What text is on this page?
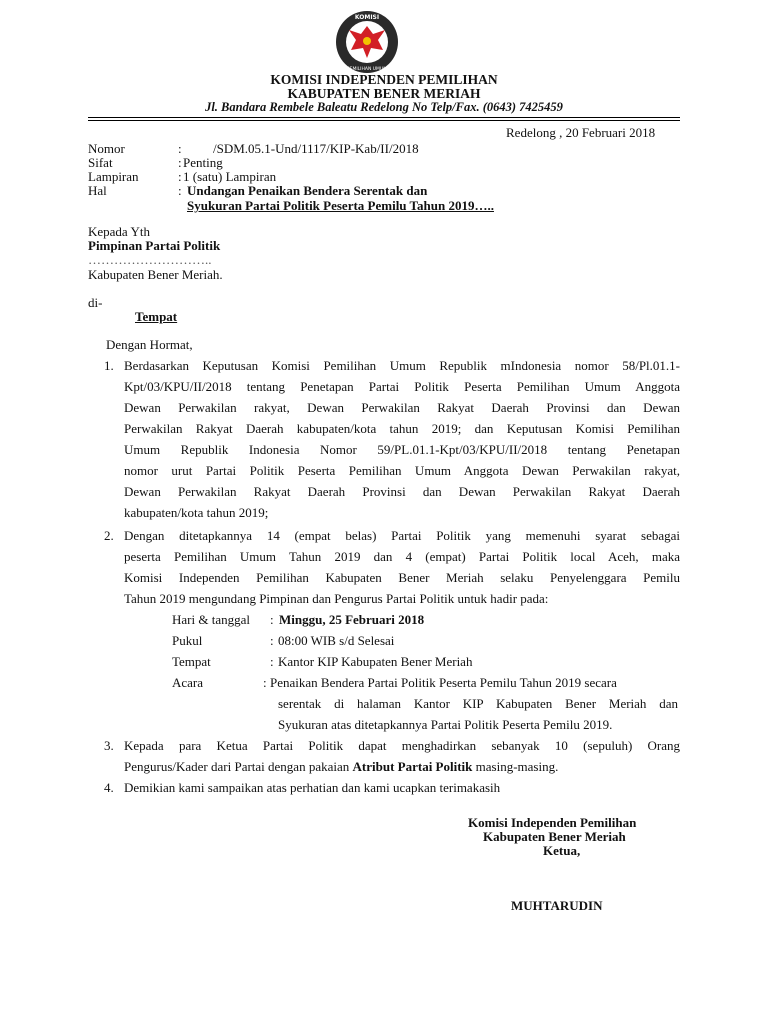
KOMISI
PEMILIHAN UMUM
KOMISI INDEPENDEN PEMILIHAN
KABUPATEN BENER MERIAH
Jl. Bandara Rembele Baleatu Redelong No Telp/Fax. (0643) 7425459
Redelong , 20 Februari 2018
Nomor	: /SDM.05.1-Und/1117/KIP-Kab/II/2018
Sifat	: Penting
Lampiran	: 1 (satu) Lampiran
Hal	: Undangan Penaikan Bendera Serentak dan
Syukuran Partai Politik Peserta Pemilu Tahun 2019…..
Kepada Yth
Pimpinan Partai Politik
………………………..
Kabupaten Bener Meriah.
di-
Tempat
Dengan Hormat,
1. Berdasarkan Keputusan Komisi Pemilihan Umum Republik mIndonesia nomor 58/Pl.01.1-
Kpt/03/KPU/II/2018 tentang Penetapan Partai Politik Peserta Pemilihan Umum Anggota
Dewan Perwakilan rakyat, Dewan Perwakilan Rakyat Daerah Provinsi dan Dewan
Perwakilan Rakyat Daerah kabupaten/kota tahun 2019; dan Keputusan Komisi Pemilihan
Umum Republik Indonesia Nomor 59/PL.01.1-Kpt/03/KPU/II/2018 tentang Penetapan
nomor urut Partai Politik Peserta Pemilihan Umum Anggota Dewan Perwakilan rakyat,
Dewan Perwakilan Rakyat Daerah Provinsi dan Dewan Perwakilan Rakyat Daerah
kabupaten/kota tahun 2019;
2. Dengan ditetapkannya 14 (empat belas) Partai Politik yang memenuhi syarat sebagai
peserta Pemilihan Umum Tahun 2019 dan 4 (empat) Partai Politik local Aceh, maka
Komisi Independen Pemilihan Kabupaten Bener Meriah selaku Penyelenggara Pemilu
Tahun 2019 mengundang Pimpinan dan Pengurus Partai Politik untuk hadir pada:
Hari & tanggal : Minggu, 25 Februari 2018
Pukul	: 08:00 WIB s/d Selesai
Tempat	: Kantor KIP Kabupaten Bener Meriah
Acara	: Penaikan Bendera Partai Politik Peserta Pemilu Tahun 2019 secara
serentak di halaman Kantor KIP Kabupaten Bener Meriah dan
Syukuran atas ditetapkannya Partai Politik Peserta Pemilu 2019.
3. Kepada para Ketua Partai Politik dapat menghadirkan sebanyak 10 (sepuluh) Orang
Pengurus/Kader dari Partai dengan pakaian Atribut Partai Politik masing-masing.
4. Demikian kami sampaikan atas perhatian dan kami ucapkan terimakasih
Komisi Independen Pemilihan
Kabupaten Bener Meriah
Ketua,
MUHTARUDIN
